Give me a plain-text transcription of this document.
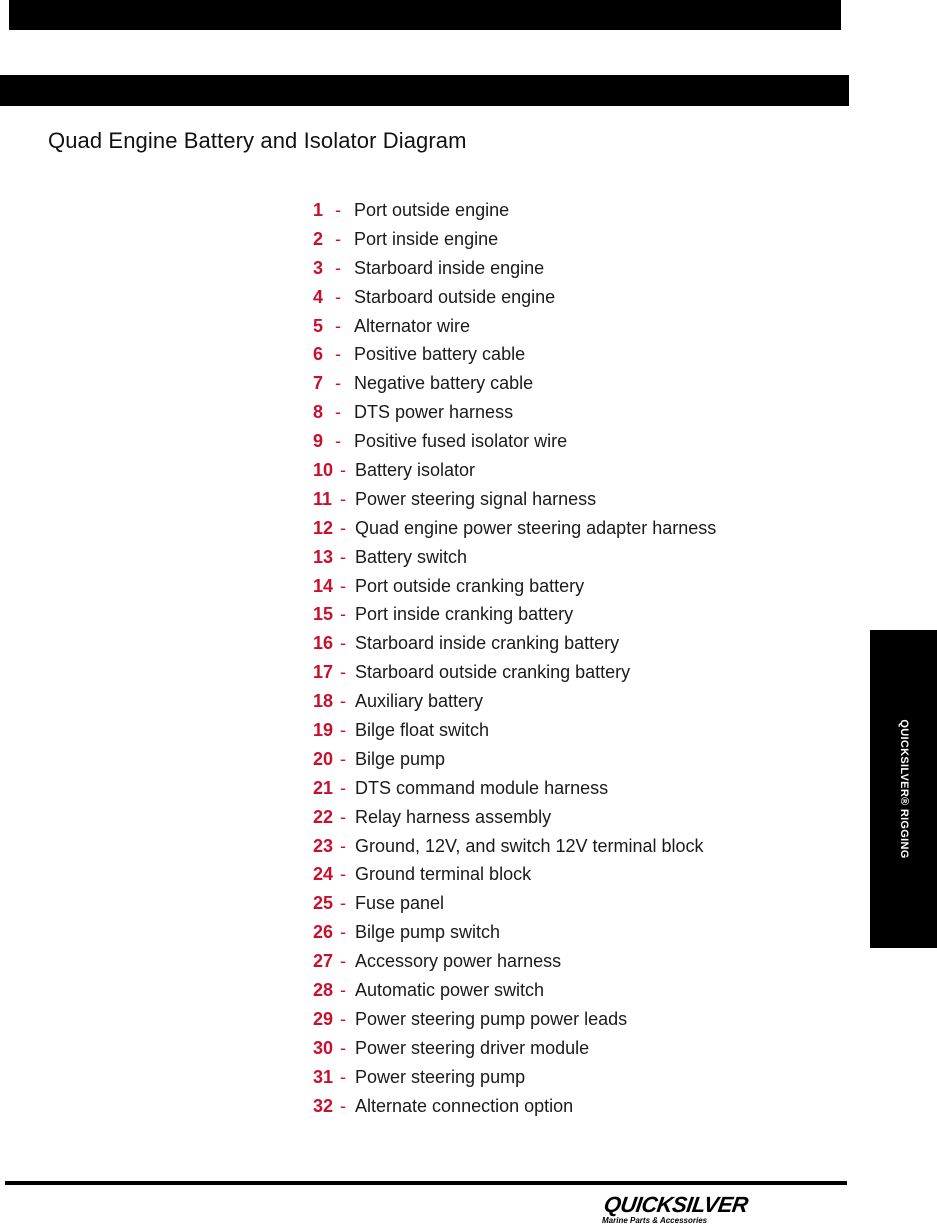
Quad Engine Battery and Isolator Diagram
1 - Port outside engine
2 - Port inside engine
3 - Starboard inside engine
4 - Starboard outside engine
5 - Alternator wire
6 - Positive battery cable
7 - Negative battery cable
8 - DTS power harness
9 - Positive fused isolator wire
10 - Battery isolator
11 - Power steering signal harness
12 - Quad engine power steering adapter harness
13 - Battery switch
14 - Port outside cranking battery
15 - Port inside cranking battery
16 - Starboard inside cranking battery
17 - Starboard outside cranking battery
18 - Auxiliary battery
19 - Bilge float switch
20 - Bilge pump
21 - DTS command module harness
22 - Relay harness assembly
23 - Ground, 12V, and switch 12V terminal block
24 - Ground terminal block
25 - Fuse panel
26 - Bilge pump switch
27 - Accessory power harness
28 - Automatic power switch
29 - Power steering pump power leads
30 - Power steering driver module
31 - Power steering pump
32 - Alternate connection option
QUICKSILVER® RIGGING
QUICKSILVER
Marine Parts & Accessories
